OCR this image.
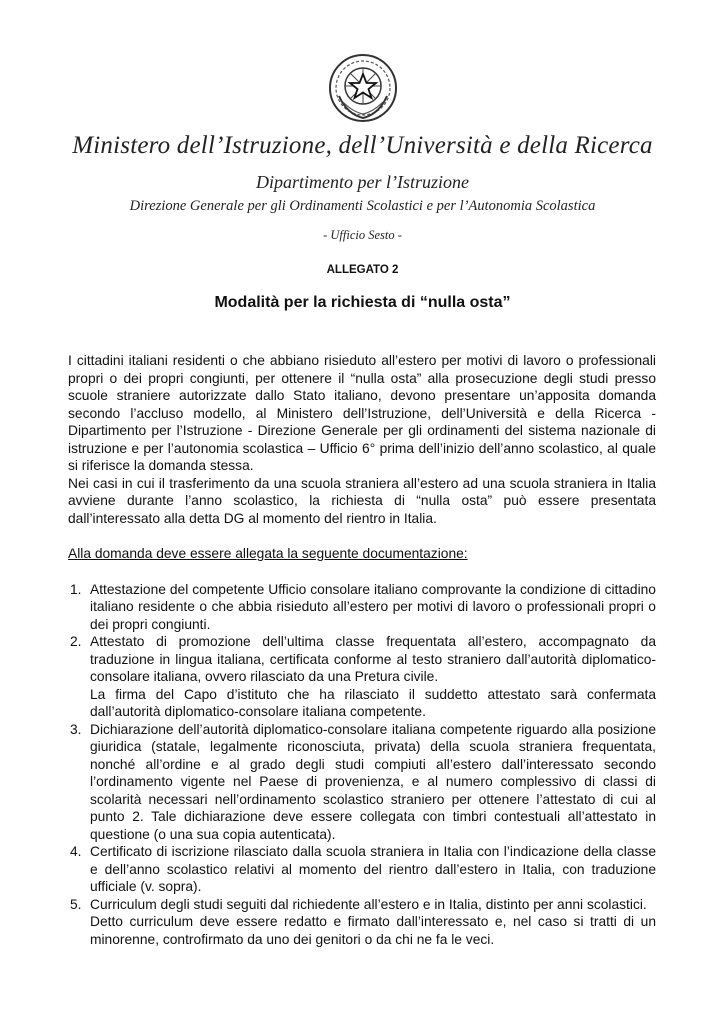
Ministero dell’Istruzione, dell’Università e della Ricerca
Dipartimento per l’Istruzione
Direzione Generale per gli Ordinamenti Scolastici e per l’Autonomia Scolastica
- Ufficio Sesto -
ALLEGATO 2
Modalità per la richiesta di “nulla osta”

I cittadini italiani residenti o che abbiano risieduto all’estero per motivi di lavoro o professionali propri o dei propri congiunti, per ottenere il “nulla osta” alla prosecuzione degli studi presso scuole straniere autorizzate dallo Stato italiano, devono presentare un’apposita domanda secondo l’accluso modello, al Ministero dell’Istruzione, dell’Università e della Ricerca - Dipartimento per l’Istruzione - Direzione Generale per gli ordinamenti del sistema nazionale di istruzione e per l’autonomia scolastica – Ufficio 6° prima dell’inizio dell’anno scolastico, al quale si riferisce la domanda stessa.

Nei casi in cui il trasferimento da una scuola straniera all’estero ad una scuola straniera in Italia avviene durante l’anno scolastico, la richiesta di “nulla osta” può essere presentata dall’interessato alla detta DG al momento del rientro in Italia.

Alla domanda deve essere allegata la seguente documentazione:

1. Attestazione del competente Ufficio consolare italiano comprovante la condizione di cittadino italiano residente o che abbia risieduto all’estero per motivi di lavoro o professionali propri o dei propri congiunti.
2. Attestato di promozione dell’ultima classe frequentata all’estero, accompagnato da traduzione in lingua italiana, certificata conforme al testo straniero dall’autorità diplomatico-consolare italiana, ovvero rilasciato da una Pretura civile.
La firma del Capo d’istituto che ha rilasciato il suddetto attestato sarà confermata dall’autorità diplomatico-consolare italiana competente.
3. Dichiarazione dell’autorità diplomatico-consolare italiana competente riguardo alla posizione giuridica (statale, legalmente riconosciuta, privata) della scuola straniera frequentata, nonché all’ordine e al grado degli studi compiuti all’estero dall’interessato secondo l’ordinamento vigente nel Paese di provenienza, e al numero complessivo di classi di scolarità necessari nell’ordinamento scolastico straniero per ottenere l’attestato di cui al punto 2. Tale dichiarazione deve essere collegata con timbri contestuali all’attestato in questione (o una sua copia autenticata).
4. Certificato di iscrizione rilasciato dalla scuola straniera in Italia con l’indicazione della classe e dell’anno scolastico relativi al momento del rientro dall’estero in Italia, con traduzione ufficiale (v. sopra).
5. Curriculum degli studi seguiti dal richiedente all’estero e in Italia, distinto per anni scolastici.
Detto curriculum deve essere redatto e firmato dall’interessato e, nel caso si tratti di un minorenne, controfirmato da uno dei genitori o da chi ne fa le veci.
